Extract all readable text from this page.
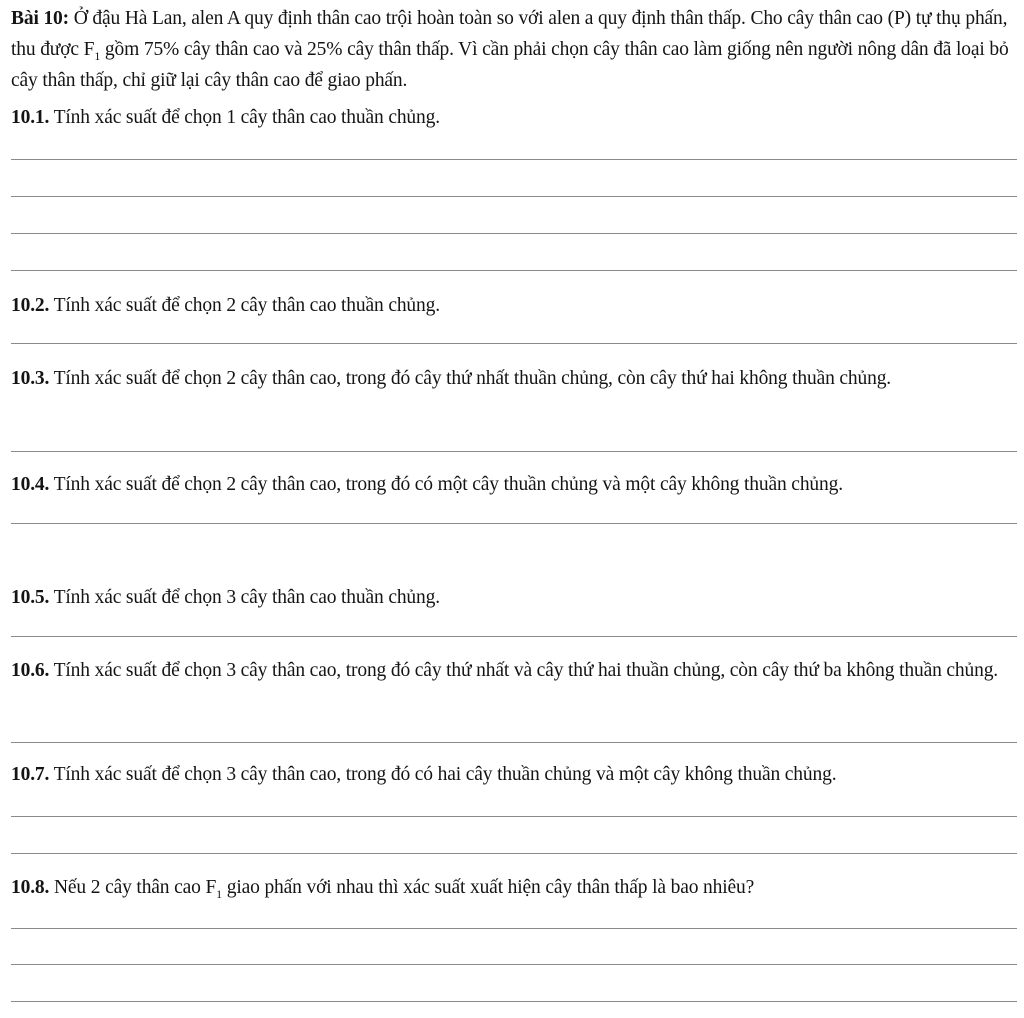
Bài 10: Ở đậu Hà Lan, alen A quy định thân cao trội hoàn toàn so với alen a quy định thân thấp. Cho cây thân cao (P) tự thụ phấn, thu được $F_1$ gồm 75% cây thân cao và 25% cây thân thấp. Vì cần phải chọn cây thân cao làm giống nên người nông dân đã loại bỏ cây thân thấp, chỉ giữ lại cây thân cao để giao phấn.

10.1. Tính xác suất để chọn 1 cây thân cao thuần chủng.

10.2. Tính xác suất để chọn 2 cây thân cao thuần chủng.

10.3. Tính xác suất để chọn 2 cây thân cao, trong đó cây thứ nhất thuần chủng, còn cây thứ hai không thuần chủng.

10.4. Tính xác suất để chọn 2 cây thân cao, trong đó có một cây thuần chủng và một cây không thuần chủng.

10.5. Tính xác suất để chọn 3 cây thân cao thuần chủng.

10.6. Tính xác suất để chọn 3 cây thân cao, trong đó cây thứ nhất và cây thứ hai thuần chủng, còn cây thứ ba không thuần chủng.

10.7. Tính xác suất để chọn 3 cây thân cao, trong đó có hai cây thuần chủng và một cây không thuần chủng.

10.8. Nếu 2 cây thân cao $F_1$ giao phấn với nhau thì xác suất xuất hiện cây thân thấp là bao nhiêu?
